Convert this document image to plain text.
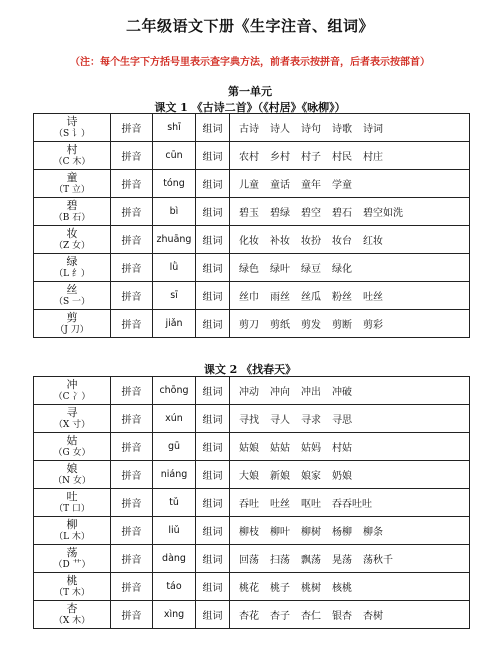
二年级语文下册《生字注音、组词》
（注：每个生字下方括号里表示查字典方法，前者表示按拼音，后者表示按部首）
第一单元
课文 1 《古诗二首》（《村居》《咏柳》）
诗
（S 讠）	拼音	shī	组词	古诗 诗人 诗句 诗歌 诗词

村
（C 木）	拼音	cūn	组词	农村 乡村 村子 村民 村庄

童
（T 立）	拼音	tóng	组词	儿童 童话 童年 学童

碧
（B 石）	拼音	bì	组词	碧玉 碧绿 碧空 碧石 碧空如洗

妆
（Z 女）	拼音	zhuāng	组词	化妆 补妆 妆扮 妆台 红妆

绿
（L 纟）	拼音	lǜ	组词	绿色 绿叶 绿豆 绿化

丝
（S 一）	拼音	sī	组词	丝巾 雨丝 丝瓜 粉丝 吐丝

剪
（J 刀）	拼音	jiǎn	组词	剪刀 剪纸 剪发 剪断 剪彩
课文 2 《找春天》
冲
（C 冫）	拼音	chōng	组词	冲动 冲向 冲出 冲破

寻
（X 寸）	拼音	xún	组词	寻找 寻人 寻求 寻思

姑
（G 女）	拼音	gū	组词	姑娘 姑姑 姑妈 村姑

娘
（N 女）	拼音	niáng	组词	大娘 新娘 娘家 奶娘

吐
（T 口）	拼音	tǔ	组词	吞吐 吐丝 呕吐 吞吞吐吐

柳
（L 木）	拼音	liǔ	组词	柳枝 柳叶 柳树 杨柳 柳条

荡
（D 艹）	拼音	dàng	组词	回荡 扫荡 飘荡 晃荡 荡秋千

桃
（T 木）	拼音	táo	组词	桃花 桃子 桃树 核桃

杏
（X 木）	拼音	xìng	组词	杏花 杏子 杏仁 银杏 杏树
